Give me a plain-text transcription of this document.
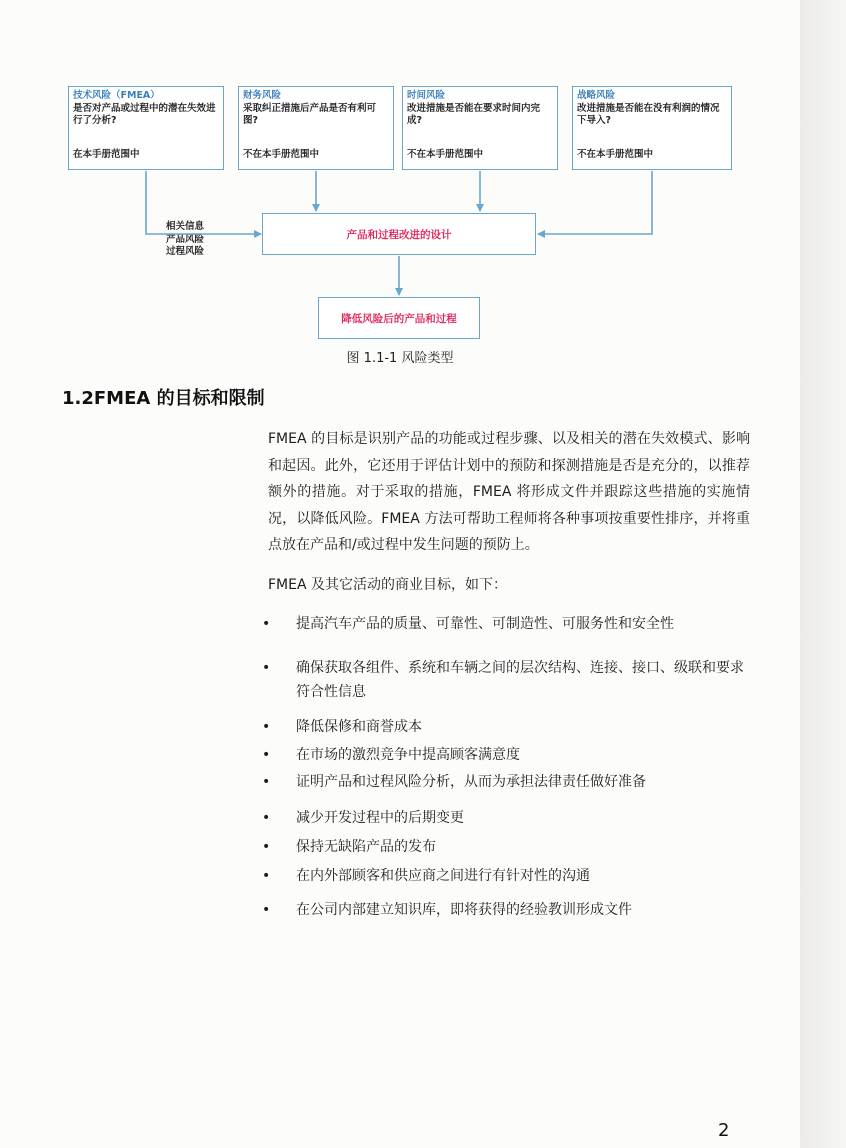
技术风险（FMEA）
是否对产品或过程中的潜在失效进行了分析?
在本手册范围中
财务风险
采取纠正措施后产品是否有利可图?
不在本手册范围中
时间风险
改进措施是否能在要求时间内完成?
不在本手册范围中
战略风险
改进措施是否能在没有利润的情况下导入?
不在本手册范围中
相关信息
产品风险
过程风险
产品和过程改进的设计
降低风险后的产品和过程
图 1.1-1 风险类型
1.2FMEA 的目标和限制
FMEA 的目标是识别产品的功能或过程步骤、以及相关的潜在失效模式、影响和起因。此外，它还用于评估计划中的预防和探测措施是否是充分的，以推荐额外的措施。对于采取的措施，FMEA 将形成文件并跟踪这些措施的实施情况，以降低风险。FMEA 方法可帮助工程师将各种事项按重要性排序，并将重点放在产品和/或过程中发生问题的预防上。
FMEA 及其它活动的商业目标，如下：
•	提高汽车产品的质量、可靠性、可制造性、可服务性和安全性
•	确保获取各组件、系统和车辆之间的层次结构、连接、接口、级联和要求符合性信息
•	降低保修和商誉成本
•	在市场的激烈竞争中提高顾客满意度
•	证明产品和过程风险分析，从而为承担法律责任做好准备
•	减少开发过程中的后期变更
•	保持无缺陷产品的发布
•	在内外部顾客和供应商之间进行有针对性的沟通
•	在公司内部建立知识库，即将获得的经验教训形成文件
2
